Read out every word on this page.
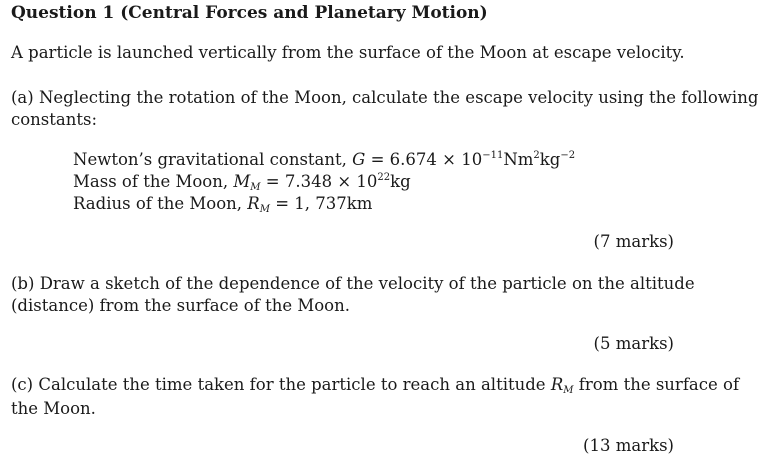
Question 1 (Central Forces and Planetary Motion)
A particle is launched vertically from the surface of the Moon at escape velocity.
(a) Neglecting the rotation of the Moon, calculate the escape velocity using the following
constants:
Newton’s gravitational constant, $G = 6.674 \times 10^{-11}Nm^2kg^{-2}$
Mass of the Moon, $M_M = 7.348 \times 10^{22}kg$
Radius of the Moon, $R_M = 1$, 737km
(7 marks)
(b) Draw a sketch of the dependence of the velocity of the particle on the altitude
(distance) from the surface of the Moon.
(5 marks)
(c) Calculate the time taken for the particle to reach an altitude $R_M$ from the surface of
the Moon.
(13 marks)
